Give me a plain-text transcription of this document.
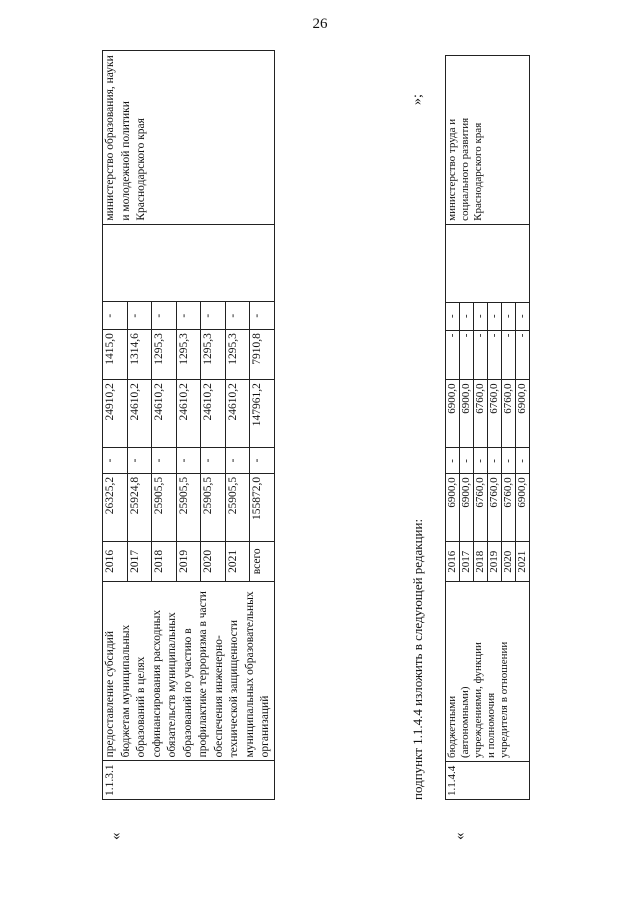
26
«
1.1.3.1	предоставление субсидий бюджетам муниципальных образований в целях софинансирования расходных обязательств муниципальных образований по участию в профилактике терроризма в части обеспечения инженерно-технической защищенности муниципальных образовательных организаций	2016	26325,2	-	24910,2	1415,0	-		министерство образования, науки и молодежной политики Краснодарского края
		2017	25924,8	-	24610,2	1314,6	-		
		2018	25905,5	-	24610,2	1295,3	-		
		2019	25905,5	-	24610,2	1295,3	-		
		2020	25905,5	-	24610,2	1295,3	-		
		2021	25905,5	-	24610,2	1295,3	-		
		всего	155872,0	-	147961,2	7910,8	-		
подпункт 1.1.4.4 изложить в следующей редакции:
»;
«
1.1.4.4	бюджетными (автономными) учреждениями, функции и полномочия учредителя в отношении	2016	6900,0	-	6900,0	-	-		министерство труда и социального развития Краснодарского края
		2017	6900,0	-	6900,0	-	-		
		2018	6760,0	-	6760,0	-	-		
		2019	6760,0	-	6760,0	-	-		
		2020	6760,0	-	6760,0	-	-		
		2021	6900,0	-	6900,0	-	-		
